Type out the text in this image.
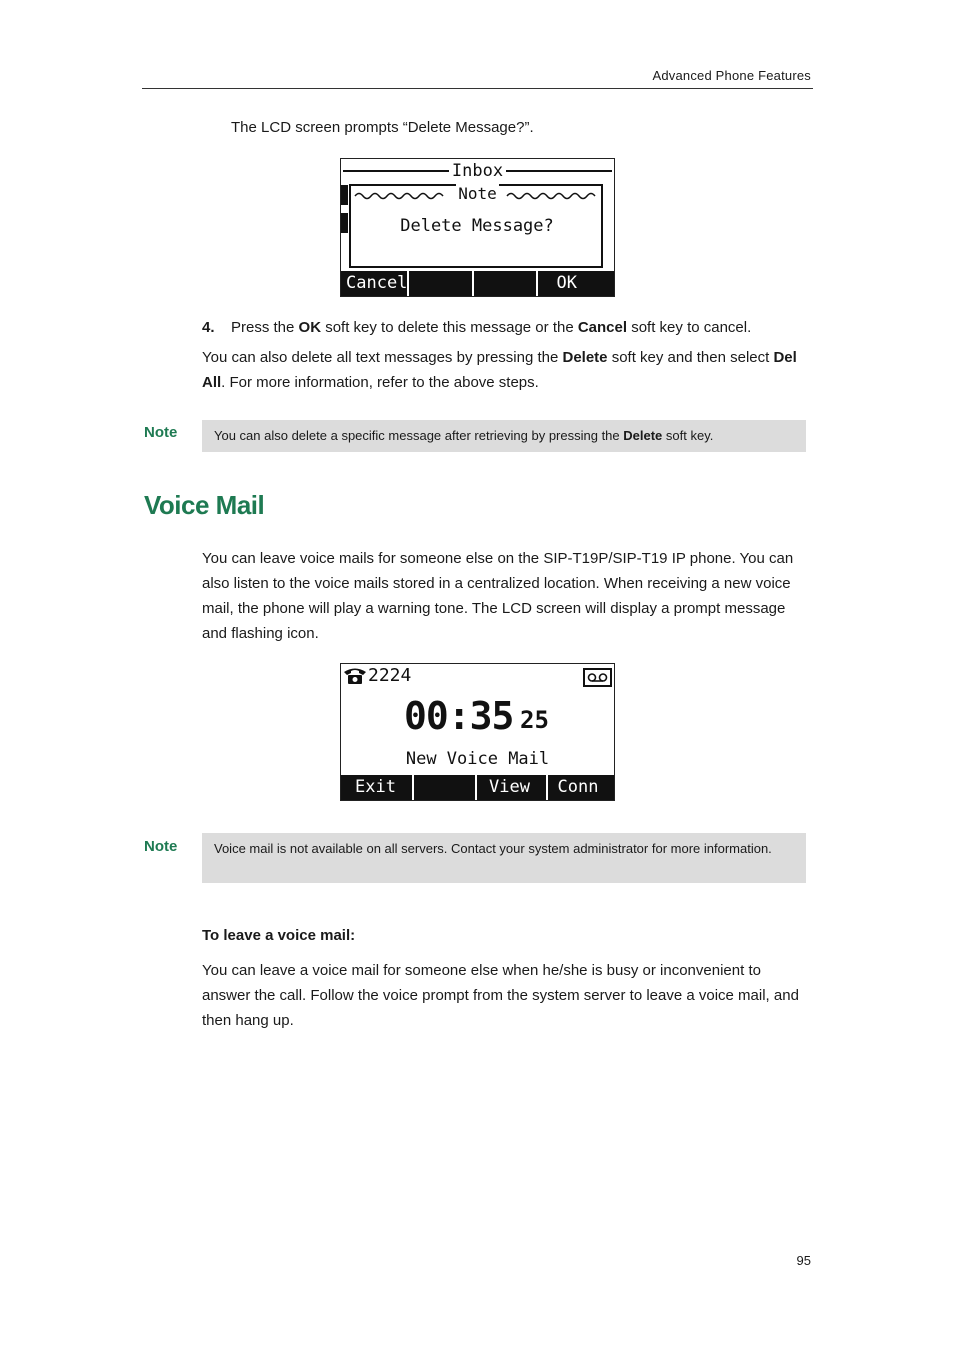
Advanced Phone Features
The LCD screen prompts “Delete Message?”.
Inbox
Note
Delete Message?
Cancel	OK
4. Press the OK soft key to delete this message or the Cancel soft key to cancel.
You can also delete all text messages by pressing the Delete soft key and then select Del All. For more information, refer to the above steps.
Note	You can also delete a specific message after retrieving by pressing the Delete soft key.
Voice Mail
You can leave voice mails for someone else on the SIP-T19P/SIP-T19 IP phone. You can also listen to the voice mails stored in a centralized location. When receiving a new voice mail, the phone will play a warning tone. The LCD screen will display a prompt message and flashing icon.
2224
00:35 25
New Voice Mail
Exit	View	Conn
Note	Voice mail is not available on all servers. Contact your system administrator for more information.
To leave a voice mail:
You can leave a voice mail for someone else when he/she is busy or inconvenient to answer the call. Follow the voice prompt from the system server to leave a voice mail, and then hang up.
95
